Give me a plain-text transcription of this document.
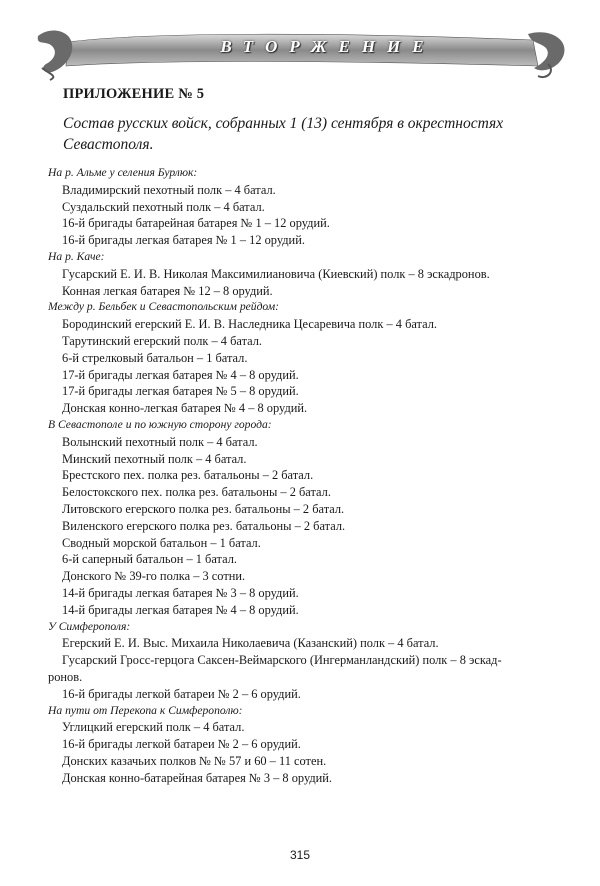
ВТОРЖЕНИЕ
ПРИЛОЖЕНИЕ № 5
Состав русских войск, собранных 1 (13) сентября в окрестностях Севастополя.
На р. Альме у селения Бурлюк:
Владимирский пехотный полк – 4 батал.
Суздальский пехотный полк – 4 батал.
16-й бригады батарейная батарея № 1 – 12 орудий.
16-й бригады легкая батарея № 1 – 12 орудий.
На р. Каче:
Гусарский Е. И. В. Николая Максимилиановича (Киевский) полк – 8 эскадронов.
Конная легкая батарея № 12 – 8 орудий.
Между р. Бельбек и Севастопольским рейдом:
Бородинский егерский Е. И. В. Наследника Цесаревича полк – 4 батал.
Тарутинский егерский полк – 4 батал.
6-й стрелковый батальон – 1 батал.
17-й бригады легкая батарея № 4 – 8 орудий.
17-й бригады легкая батарея № 5 – 8 орудий.
Донская конно-легкая батарея № 4 – 8 орудий.
В Севастополе и по южную сторону города:
Волынский пехотный полк – 4 батал.
Минский пехотный полк – 4 батал.
Брестского пех. полка рез. батальоны – 2 батал.
Белостокского пех. полка рез. батальоны – 2 батал.
Литовского егерского полка рез. батальоны – 2 батал.
Виленского егерского полка рез. батальоны – 2 батал.
Сводный морской батальон – 1 батал.
6-й саперный батальон – 1 батал.
Донского № 39-го полка – 3 сотни.
14-й бригады легкая батарея № 3 – 8 орудий.
14-й бригады легкая батарея № 4 – 8 орудий.
У Симферополя:
Егерский Е. И. Выс. Михаила Николаевича (Казанский) полк – 4 батал.
Гусарский Гросс-герцога Саксен-Веймарского (Ингерманландский) полк – 8 эскад-
ронов.
16-й бригады легкой батареи № 2 – 6 орудий.
На пути от Перекопа к Симферополю:
Углицкий егерский полк – 4 батал.
16-й бригады легкой батареи № 2 – 6 орудий.
Донских казачьих полков № № 57 и 60 – 11 сотен.
Донская конно-батарейная батарея № 3 – 8 орудий.
315
